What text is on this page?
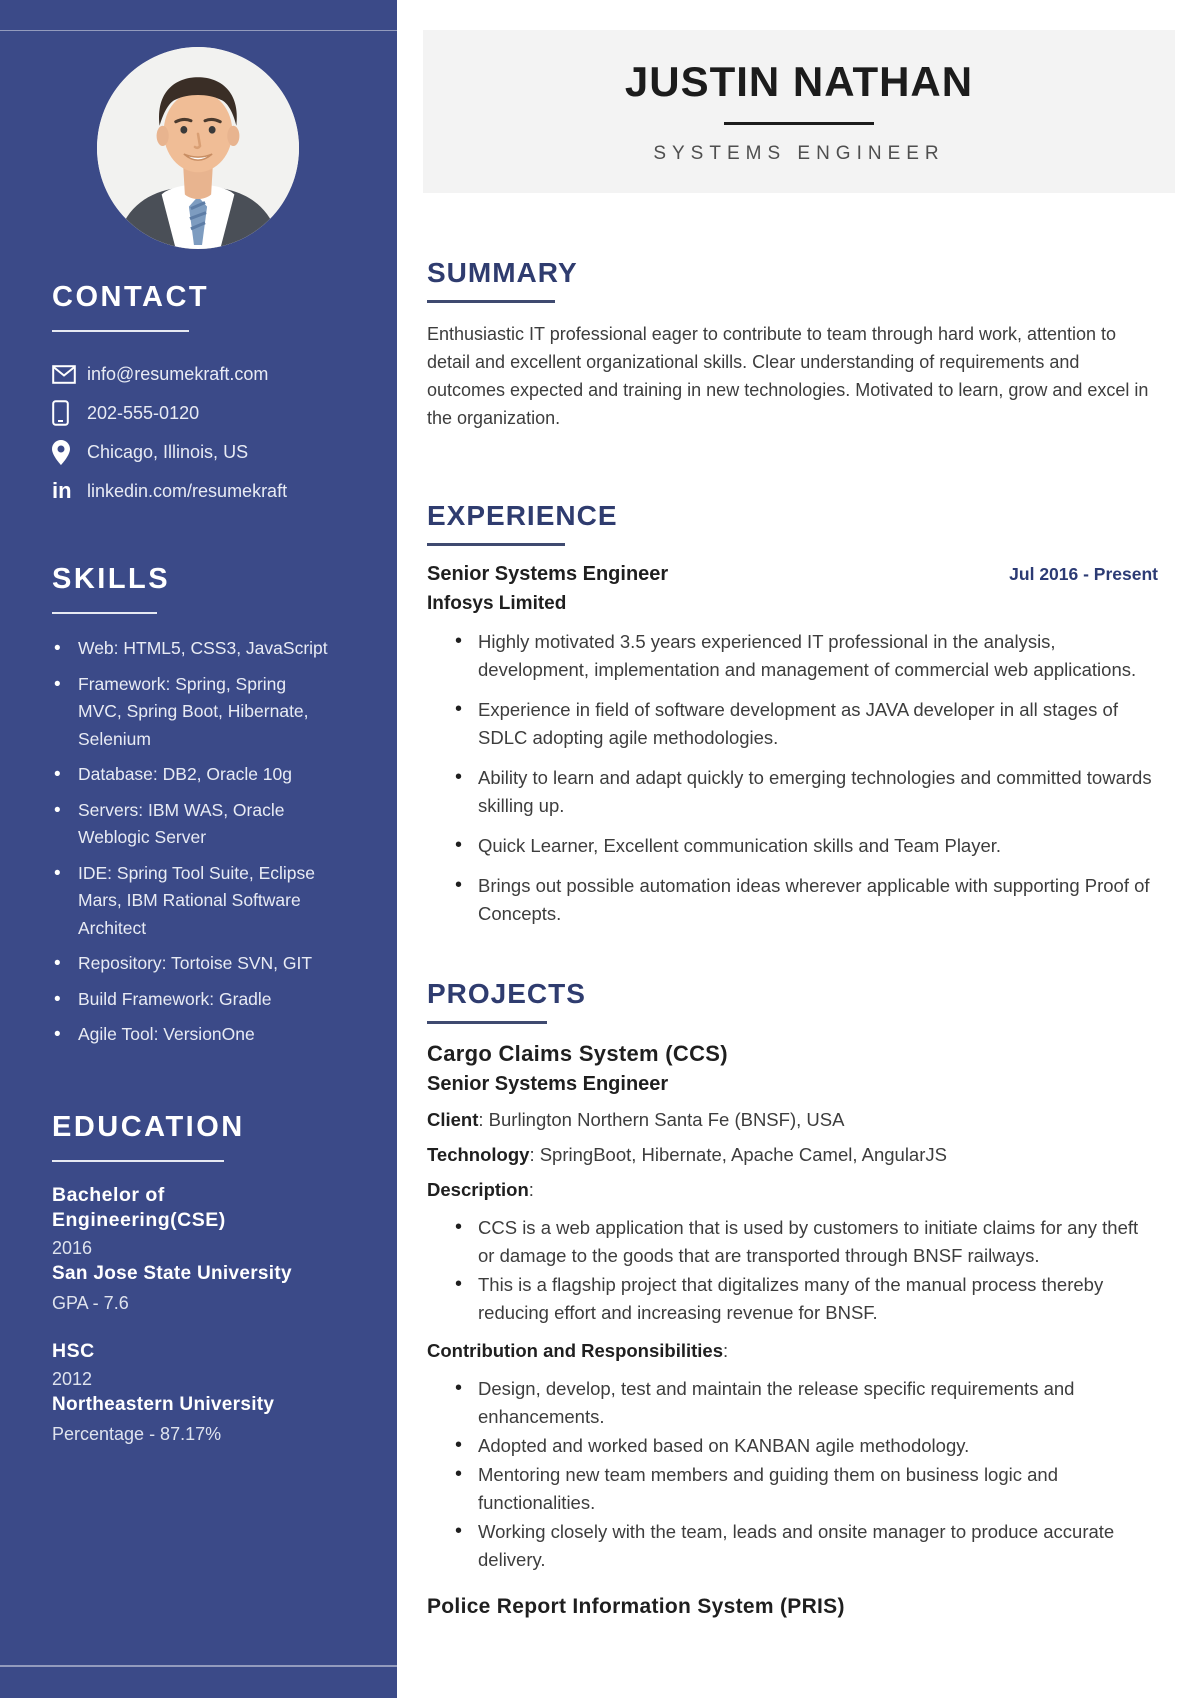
CONTACT
info@resumekraft.com
202-555-0120
Chicago, Illinois, US
in linkedin.com/resumekraft
SKILLS
• Web: HTML5, CSS3, JavaScript
• Framework: Spring, Spring MVC, Spring Boot, Hibernate, Selenium
• Database: DB2, Oracle 10g
• Servers: IBM WAS, Oracle Weblogic Server
• IDE: Spring Tool Suite, Eclipse Mars, IBM Rational Software Architect
• Repository: Tortoise SVN, GIT
• Build Framework: Gradle
• Agile Tool: VersionOne
EDUCATION
Bachelor of Engineering(CSE)
2016
San Jose State University
GPA - 7.6
HSC
2012
Northeastern University
Percentage - 87.17%
JUSTIN NATHAN
SYSTEMS ENGINEER
SUMMARY

Enthusiastic IT professional eager to contribute to team through hard work, attention to detail and excellent organizational skills. Clear understanding of requirements and outcomes expected and training in new technologies. Motivated to learn, grow and excel in the organization.

EXPERIENCE
Senior Systems Engineer	Jul 2016 - Present
Infosys Limited
• Highly motivated 3.5 years experienced IT professional in the analysis, development, implementation and management of commercial web applications.
• Experience in field of software development as JAVA developer in all stages of SDLC adopting agile methodologies.
• Ability to learn and adapt quickly to emerging technologies and committed towards skilling up.
• Quick Learner, Excellent communication skills and Team Player.
• Brings out possible automation ideas wherever applicable with supporting Proof of Concepts.
PROJECTS
Cargo Claims System (CCS)
Senior Systems Engineer

Client: Burlington Northern Santa Fe (BNSF), USA

Technology: SpringBoot, Hibernate, Apache Camel, AngularJS

Description:

• CCS is a web application that is used by customers to initiate claims for any theft or damage to the goods that are transported through BNSF railways.
• This is a flagship project that digitalizes many of the manual process thereby reducing effort and increasing revenue for BNSF.

Contribution and Responsibilities:

• Design, develop, test and maintain the release specific requirements and enhancements.
• Adopted and worked based on KANBAN agile methodology.
• Mentoring new team members and guiding them on business logic and functionalities.
• Working closely with the team, leads and onsite manager to produce accurate delivery.
Police Report Information System (PRIS)
